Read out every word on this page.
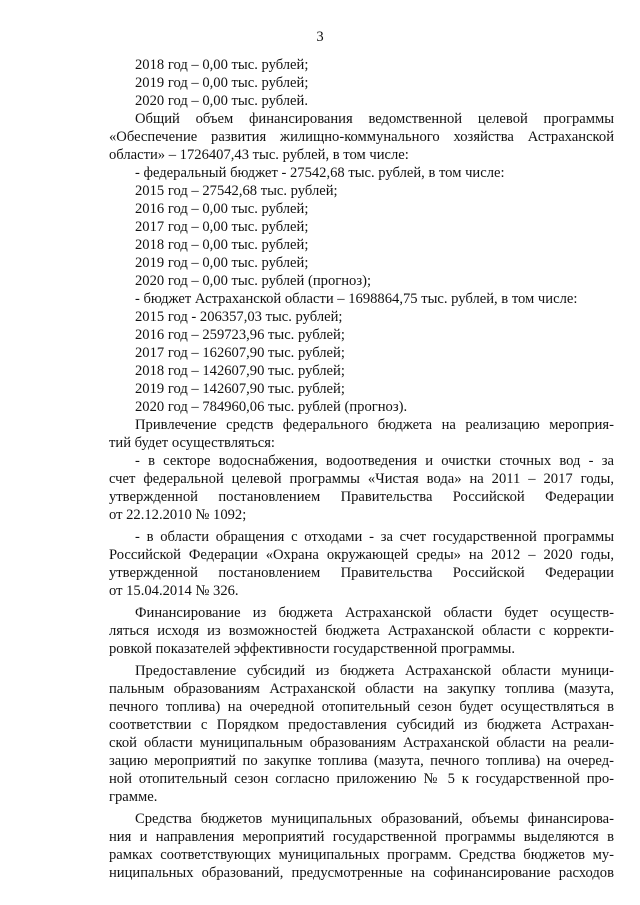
3
2018 год – 0,00 тыс. рублей;
2019 год – 0,00 тыс. рублей;
2020 год – 0,00 тыс. рублей.
Общий объем финансирования ведомственной целевой программы
«Обеспечение развития жилищно-коммунального хозяйства Астраханской
области» – 1726407,43 тыс. рублей, в том числе:
- федеральный бюджет - 27542,68 тыс. рублей, в том числе:
2015 год – 27542,68 тыс. рублей;
2016 год – 0,00 тыс. рублей;
2017 год – 0,00 тыс. рублей;
2018 год – 0,00 тыс. рублей;
2019 год – 0,00 тыс. рублей;
2020 год – 0,00 тыс. рублей (прогноз);
- бюджет Астраханской области – 1698864,75 тыс. рублей, в том числе:
2015 год - 206357,03 тыс. рублей;
2016 год – 259723,96 тыс. рублей;
2017 год – 162607,90 тыс. рублей;
2018 год – 142607,90 тыс. рублей;
2019 год – 142607,90 тыс. рублей;
2020 год – 784960,06 тыс. рублей (прогноз).
Привлечение средств федерального бюджета на реализацию мероприя-
тий будет осуществляться:
- в секторе водоснабжения, водоотведения и очистки сточных вод - за
счет федеральной целевой программы «Чистая вода» на 2011 – 2017 годы,
утвержденной постановлением Правительства Российской Федерации
от 22.12.2010 № 1092;
- в области обращения с отходами - за счет государственной программы
Российской Федерации «Охрана окружающей среды» на 2012 – 2020 годы,
утвержденной постановлением Правительства Российской Федерации
от 15.04.2014 № 326.
Финансирование из бюджета Астраханской области будет осуществ-
ляться исходя из возможностей бюджета Астраханской области с корректи-
ровкой показателей эффективности государственной программы.
Предоставление субсидий из бюджета Астраханской области муници-
пальным образованиям Астраханской области на закупку топлива (мазута,
печного топлива) на очередной отопительный сезон будет осуществляться в
соответствии с Порядком предоставления субсидий из бюджета Астрахан-
ской области муниципальным образованиям Астраханской области на реали-
зацию мероприятий по закупке топлива (мазута, печного топлива) на очеред-
ной отопительный сезон согласно приложению № 5 к государственной про-
грамме.
Средства бюджетов муниципальных образований, объемы финансирова-
ния и направления мероприятий государственной программы выделяются в
рамках соответствующих муниципальных программ. Средства бюджетов му-
ниципальных образований, предусмотренные на софинансирование расходов
